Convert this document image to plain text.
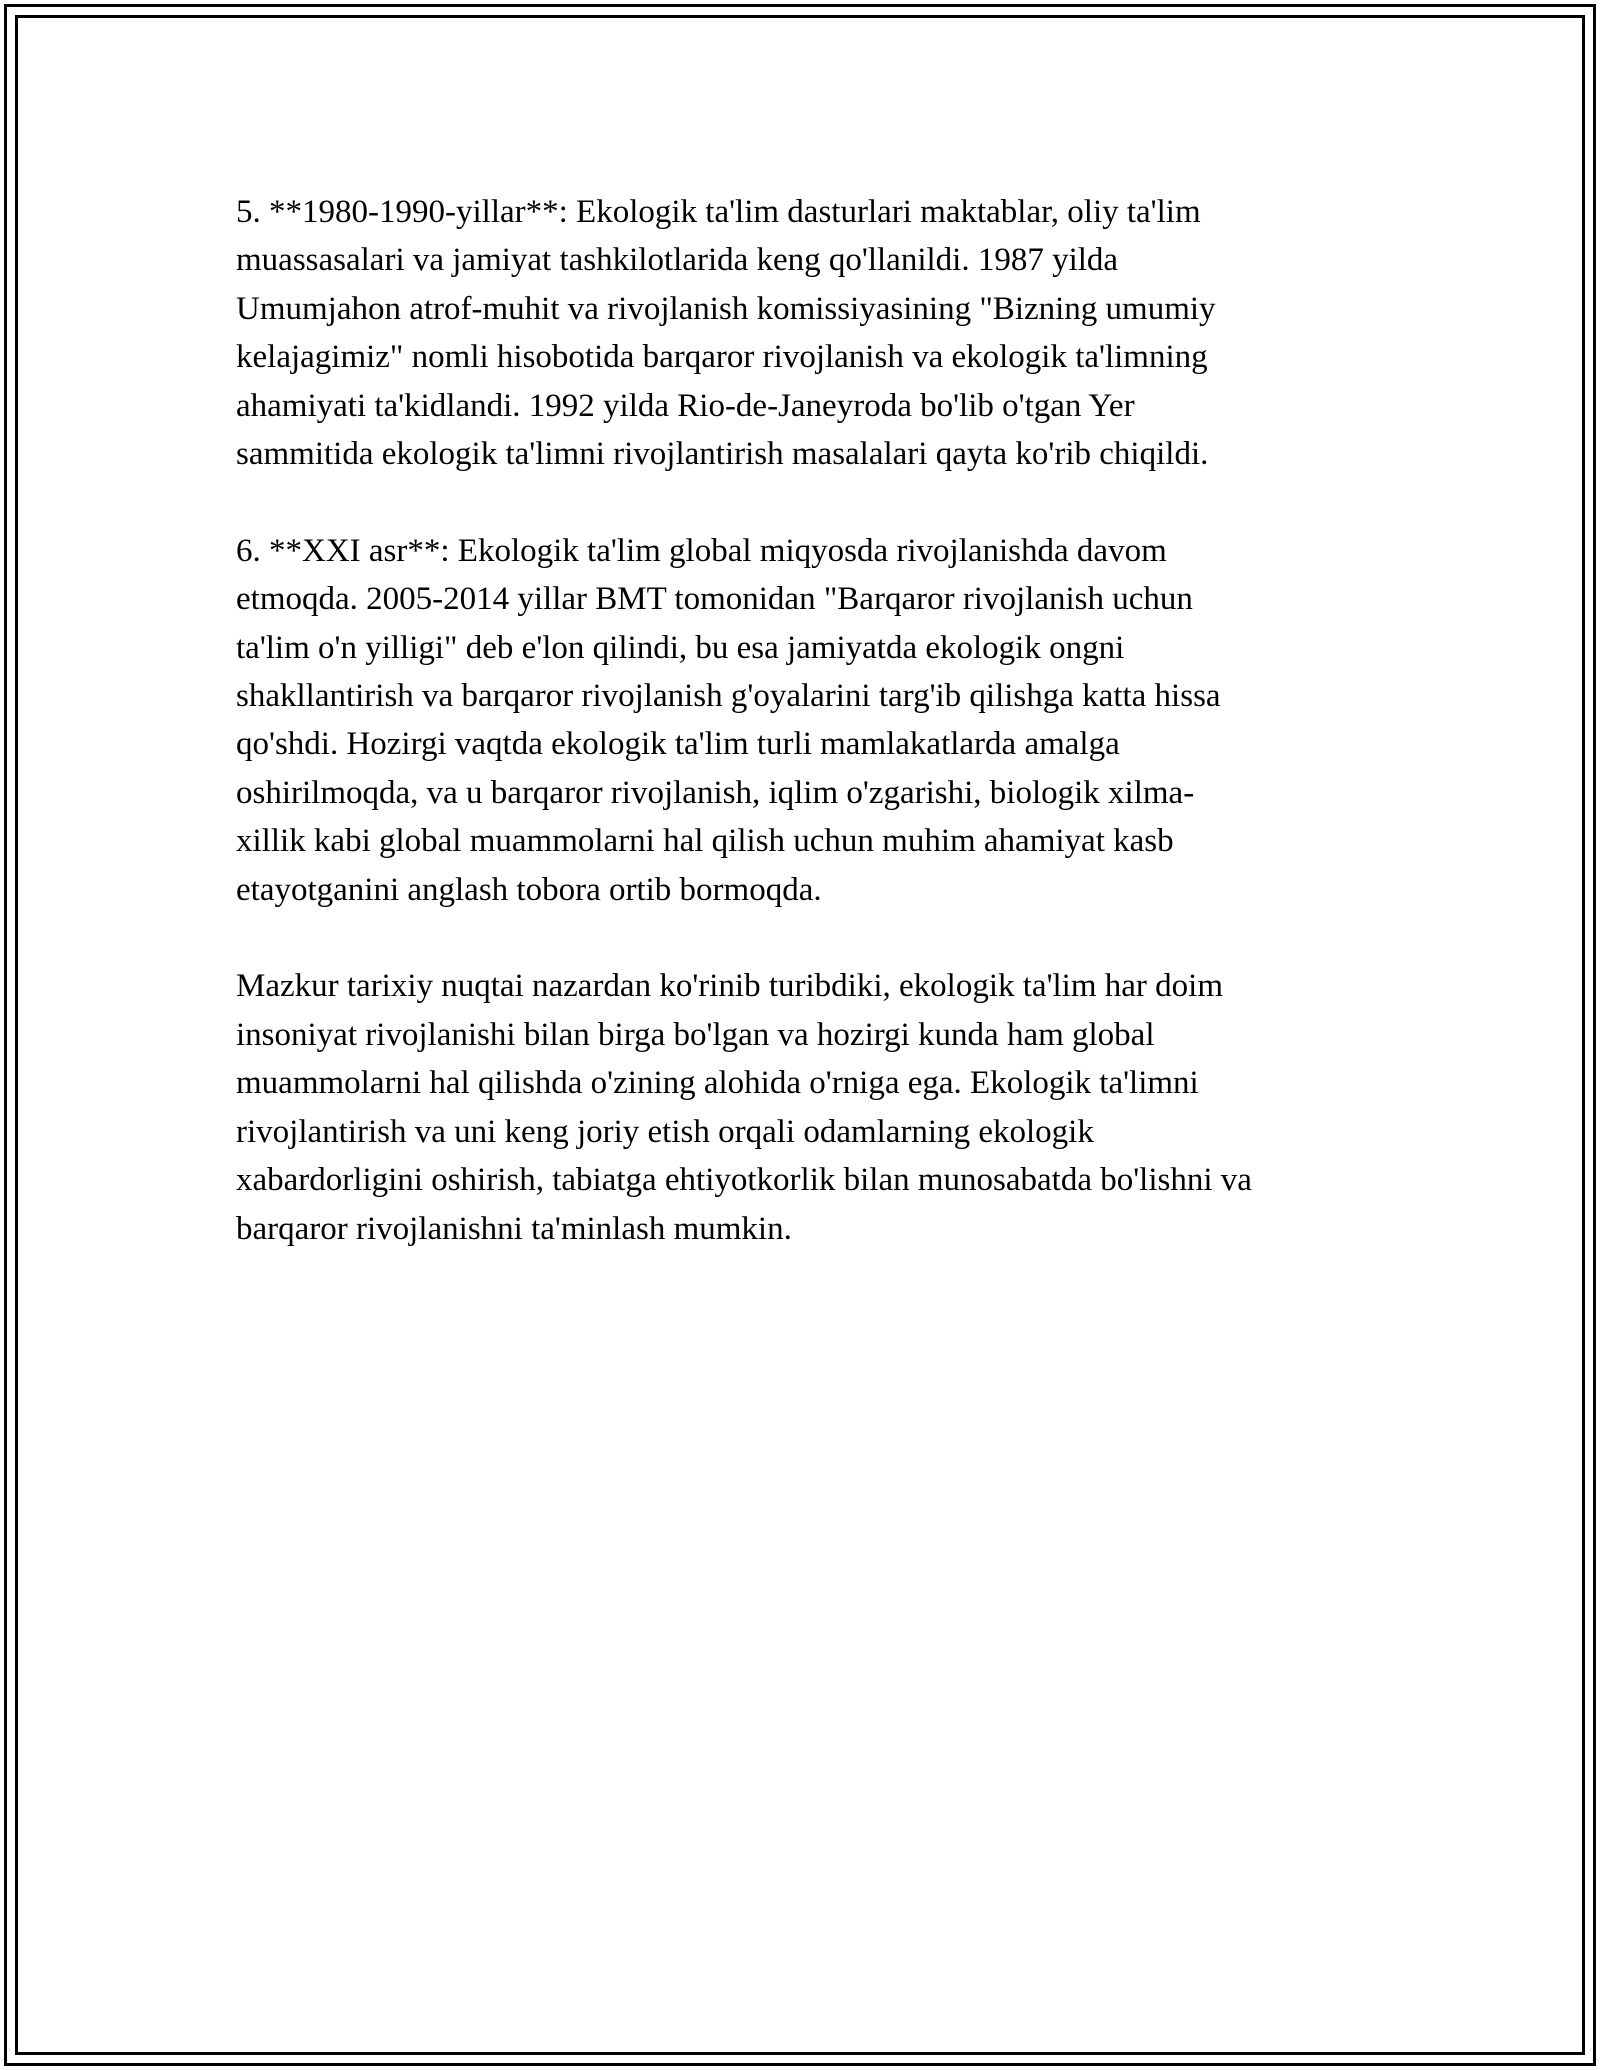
5. **1980-1990-yillar**: Ekologik ta'lim dasturlari maktablar, oliy ta'lim
muassasalari va jamiyat tashkilotlarida keng qo'llanildi. 1987 yilda
Umumjahon atrof-muhit va rivojlanish komissiyasining "Bizning umumiy
kelajagimiz" nomli hisobotida barqaror rivojlanish va ekologik ta'limning
ahamiyati ta'kidlandi. 1992 yilda Rio-de-Janeyroda bo'lib o'tgan Yer
sammitida ekologik ta'limni rivojlantirish masalalari qayta ko'rib chiqildi.

6. **XXI asr**: Ekologik ta'lim global miqyosda rivojlanishda davom
etmoqda. 2005-2014 yillar BMT tomonidan "Barqaror rivojlanish uchun
ta'lim o'n yilligi" deb e'lon qilindi, bu esa jamiyatda ekologik ongni
shakllantirish va barqaror rivojlanish g'oyalarini targ'ib qilishga katta hissa
qo'shdi. Hozirgi vaqtda ekologik ta'lim turli mamlakatlarda amalga
oshirilmoqda, va u barqaror rivojlanish, iqlim o'zgarishi, biologik xilma-
xillik kabi global muammolarni hal qilish uchun muhim ahamiyat kasb
etayotganini anglash tobora ortib bormoqda.

Mazkur tarixiy nuqtai nazardan ko'rinib turibdiki, ekologik ta'lim har doim
insoniyat rivojlanishi bilan birga bo'lgan va hozirgi kunda ham global
muammolarni hal qilishda o'zining alohida o'rniga ega. Ekologik ta'limni
rivojlantirish va uni keng joriy etish orqali odamlarning ekologik
xabardorligini oshirish, tabiatga ehtiyotkorlik bilan munosabatda bo'lishni va
barqaror rivojlanishni ta'minlash mumkin.
